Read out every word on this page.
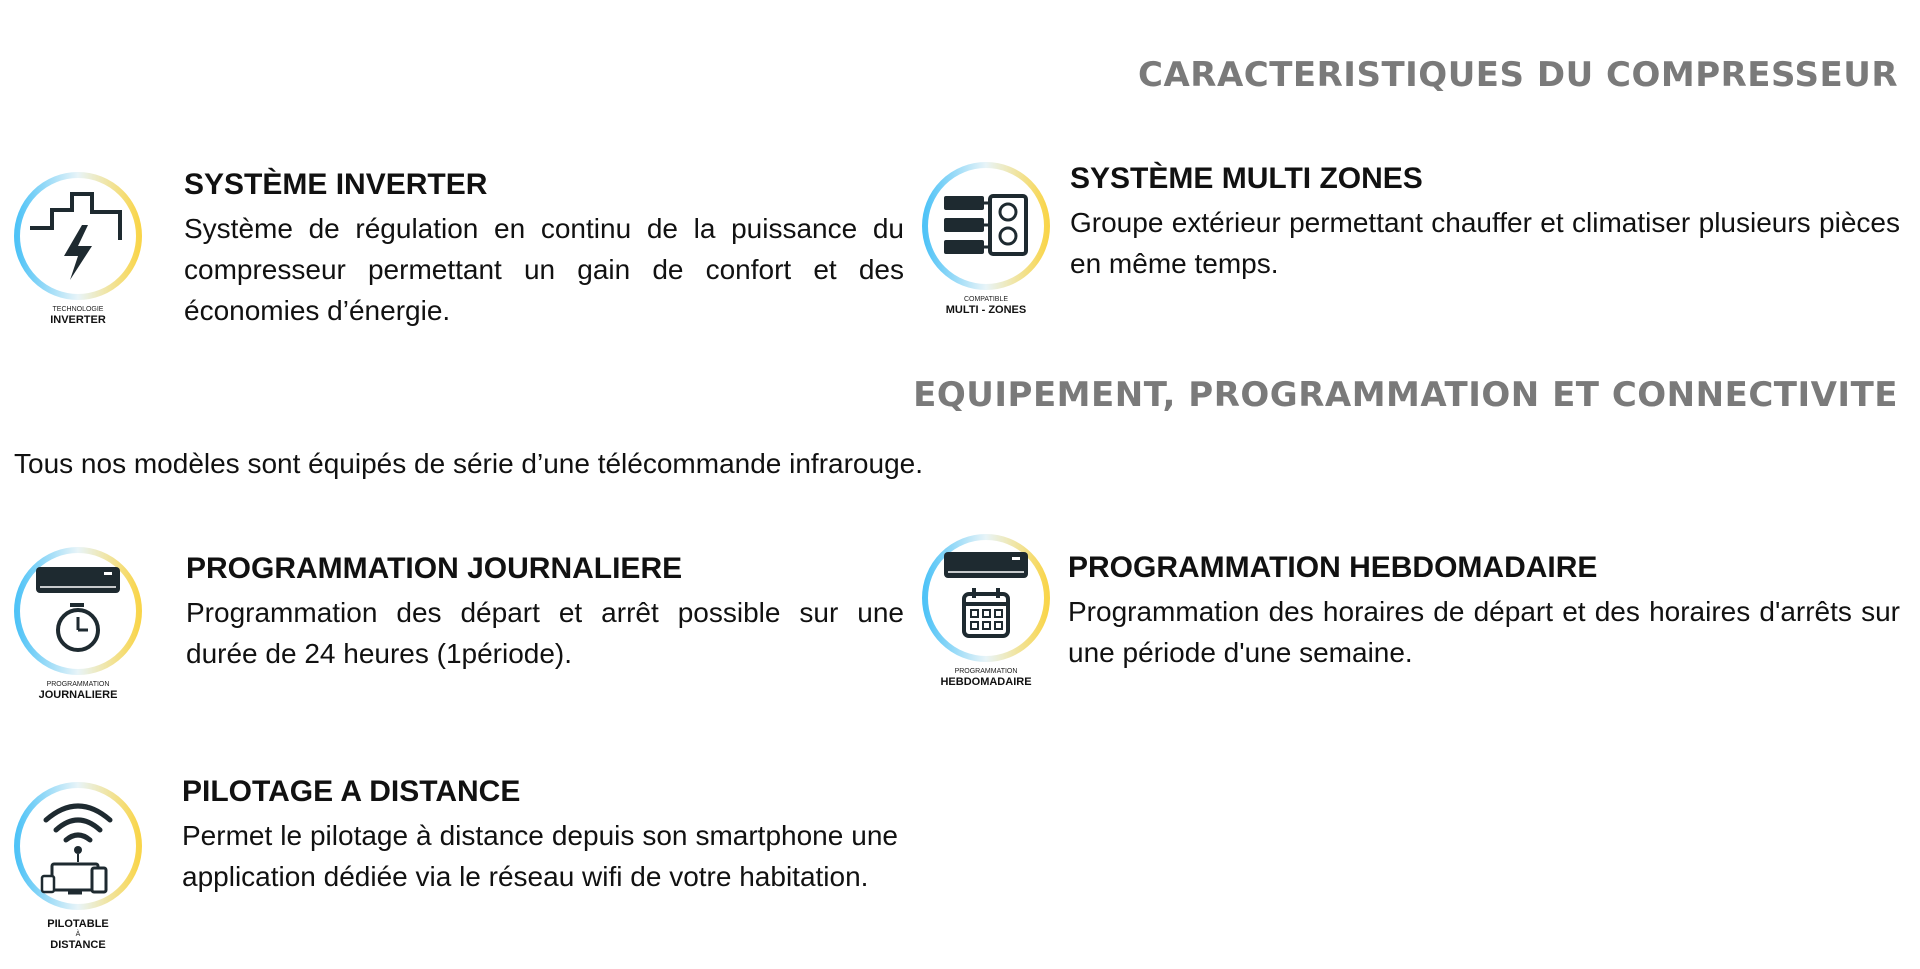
CARACTERISTIQUES DU COMPRESSEUR
TECHNOLOGIE
INVERTER
SYSTÈME INVERTER

Système de régulation en continu de la puissance du compresseur permettant un gain de confort et des économies d’énergie.	COMPATIBLE
MULTI - ZONES
SYSTÈME MULTI ZONES

Groupe extérieur permettant chauffer et climatiser plusieurs pièces en même temps.

EQUIPEMENT, PROGRAMMATION ET CONNECTIVITE
Tous nos modèles sont équipés de série d’une télécommande infrarouge.
PROGRAMMATION
JOURNALIERE
PROGRAMMATION JOURNALIERE

Programmation des départ et arrêt possible sur une durée de 24 heures (1période).

PROGRAMMATION
HEBDOMADAIRE
PROGRAMMATION HEBDOMADAIRE

Programmation des horaires de départ et des horaires d'arrêts sur une période d'une semaine.

PILOTABLE
À
DISTANCE
PILOTAGE A DISTANCE

Permet le pilotage à distance depuis son smartphone une application dédiée via le réseau wifi de votre habitation.
